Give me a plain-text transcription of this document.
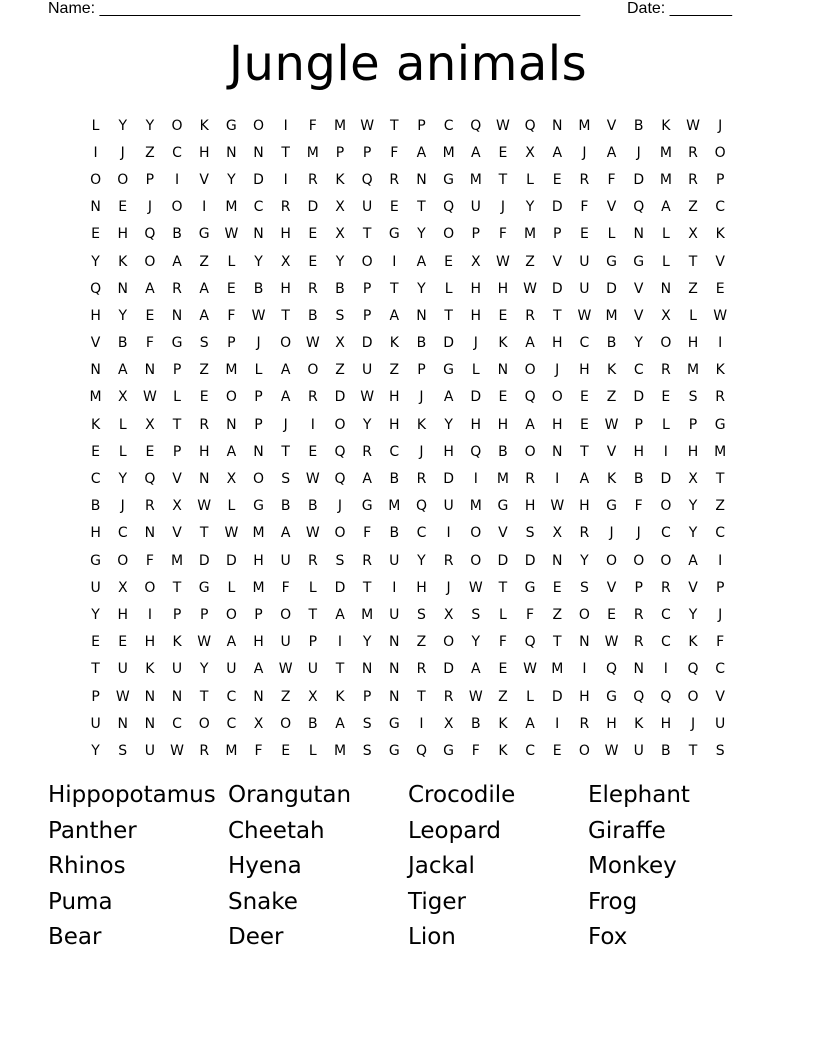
Name: ______________________________________________________	Date: _______
Jungle animals
L	Y	Y	O	K	G	O	I	F	M	W	T	P	C	Q	W	Q	N	M	V	B	K	W	J
I	J	Z	C	H	N	N	T	M	P	P	F	A	M	A	E	X	A	J	A	J	M	R	O
O	O	P	I	V	Y	D	I	R	K	Q	R	N	G	M	T	L	E	R	F	D	M	R	P
N	E	J	O	I	M	C	R	D	X	U	E	T	Q	U	J	Y	D	F	V	Q	A	Z	C
E	H	Q	B	G	W	N	H	E	X	T	G	Y	O	P	F	M	P	E	L	N	L	X	K
Y	K	O	A	Z	L	Y	X	E	Y	O	I	A	E	X	W	Z	V	U	G	G	L	T	V
Q	N	A	R	A	E	B	H	R	B	P	T	Y	L	H	H	W	D	U	D	V	N	Z	E
H	Y	E	N	A	F	W	T	B	S	P	A	N	T	H	E	R	T	W	M	V	X	L	W
V	B	F	G	S	P	J	O	W	X	D	K	B	D	J	K	A	H	C	B	Y	O	H	I
N	A	N	P	Z	M	L	A	O	Z	U	Z	P	G	L	N	O	J	H	K	C	R	M	K
M	X	W	L	E	O	P	A	R	D	W	H	J	A	D	E	Q	O	E	Z	D	E	S	R
K	L	X	T	R	N	P	J	I	O	Y	H	K	Y	H	H	A	H	E	W	P	L	P	G
E	L	E	P	H	A	N	T	E	Q	R	C	J	H	Q	B	O	N	T	V	H	I	H	M
C	Y	Q	V	N	X	O	S	W	Q	A	B	R	D	I	M	R	I	A	K	B	D	X	T
B	J	R	X	W	L	G	B	B	J	G	M	Q	U	M	G	H	W	H	G	F	O	Y	Z
H	C	N	V	T	W	M	A	W	O	F	B	C	I	O	V	S	X	R	J	J	C	Y	C
G	O	F	M	D	D	H	U	R	S	R	U	Y	R	O	D	D	N	Y	O	O	O	A	I
U	X	O	T	G	L	M	F	L	D	T	I	H	J	W	T	G	E	S	V	P	R	V	P
Y	H	I	P	P	O	P	O	T	A	M	U	S	X	S	L	F	Z	O	E	R	C	Y	J
E	E	H	K	W	A	H	U	P	I	Y	N	Z	O	Y	F	Q	T	N	W	R	C	K	F
T	U	K	U	Y	U	A	W	U	T	N	N	R	D	A	E	W	M	I	Q	N	I	Q	C
P	W	N	N	T	C	N	Z	X	K	P	N	T	R	W	Z	L	D	H	G	Q	Q	O	V
U	N	N	C	O	C	X	O	B	A	S	G	I	X	B	K	A	I	R	H	K	H	J	U
Y	S	U	W	R	M	F	E	L	M	S	G	Q	G	F	K	C	E	O	W	U	B	T	S
Hippopotamus Orangutan	Crocodile	Elephant
Panther	Cheetah	Leopard	Giraffe
Rhinos	Hyena	Jackal	Monkey
Puma	Snake	Tiger	Frog
Bear	Deer	Lion	Fox
